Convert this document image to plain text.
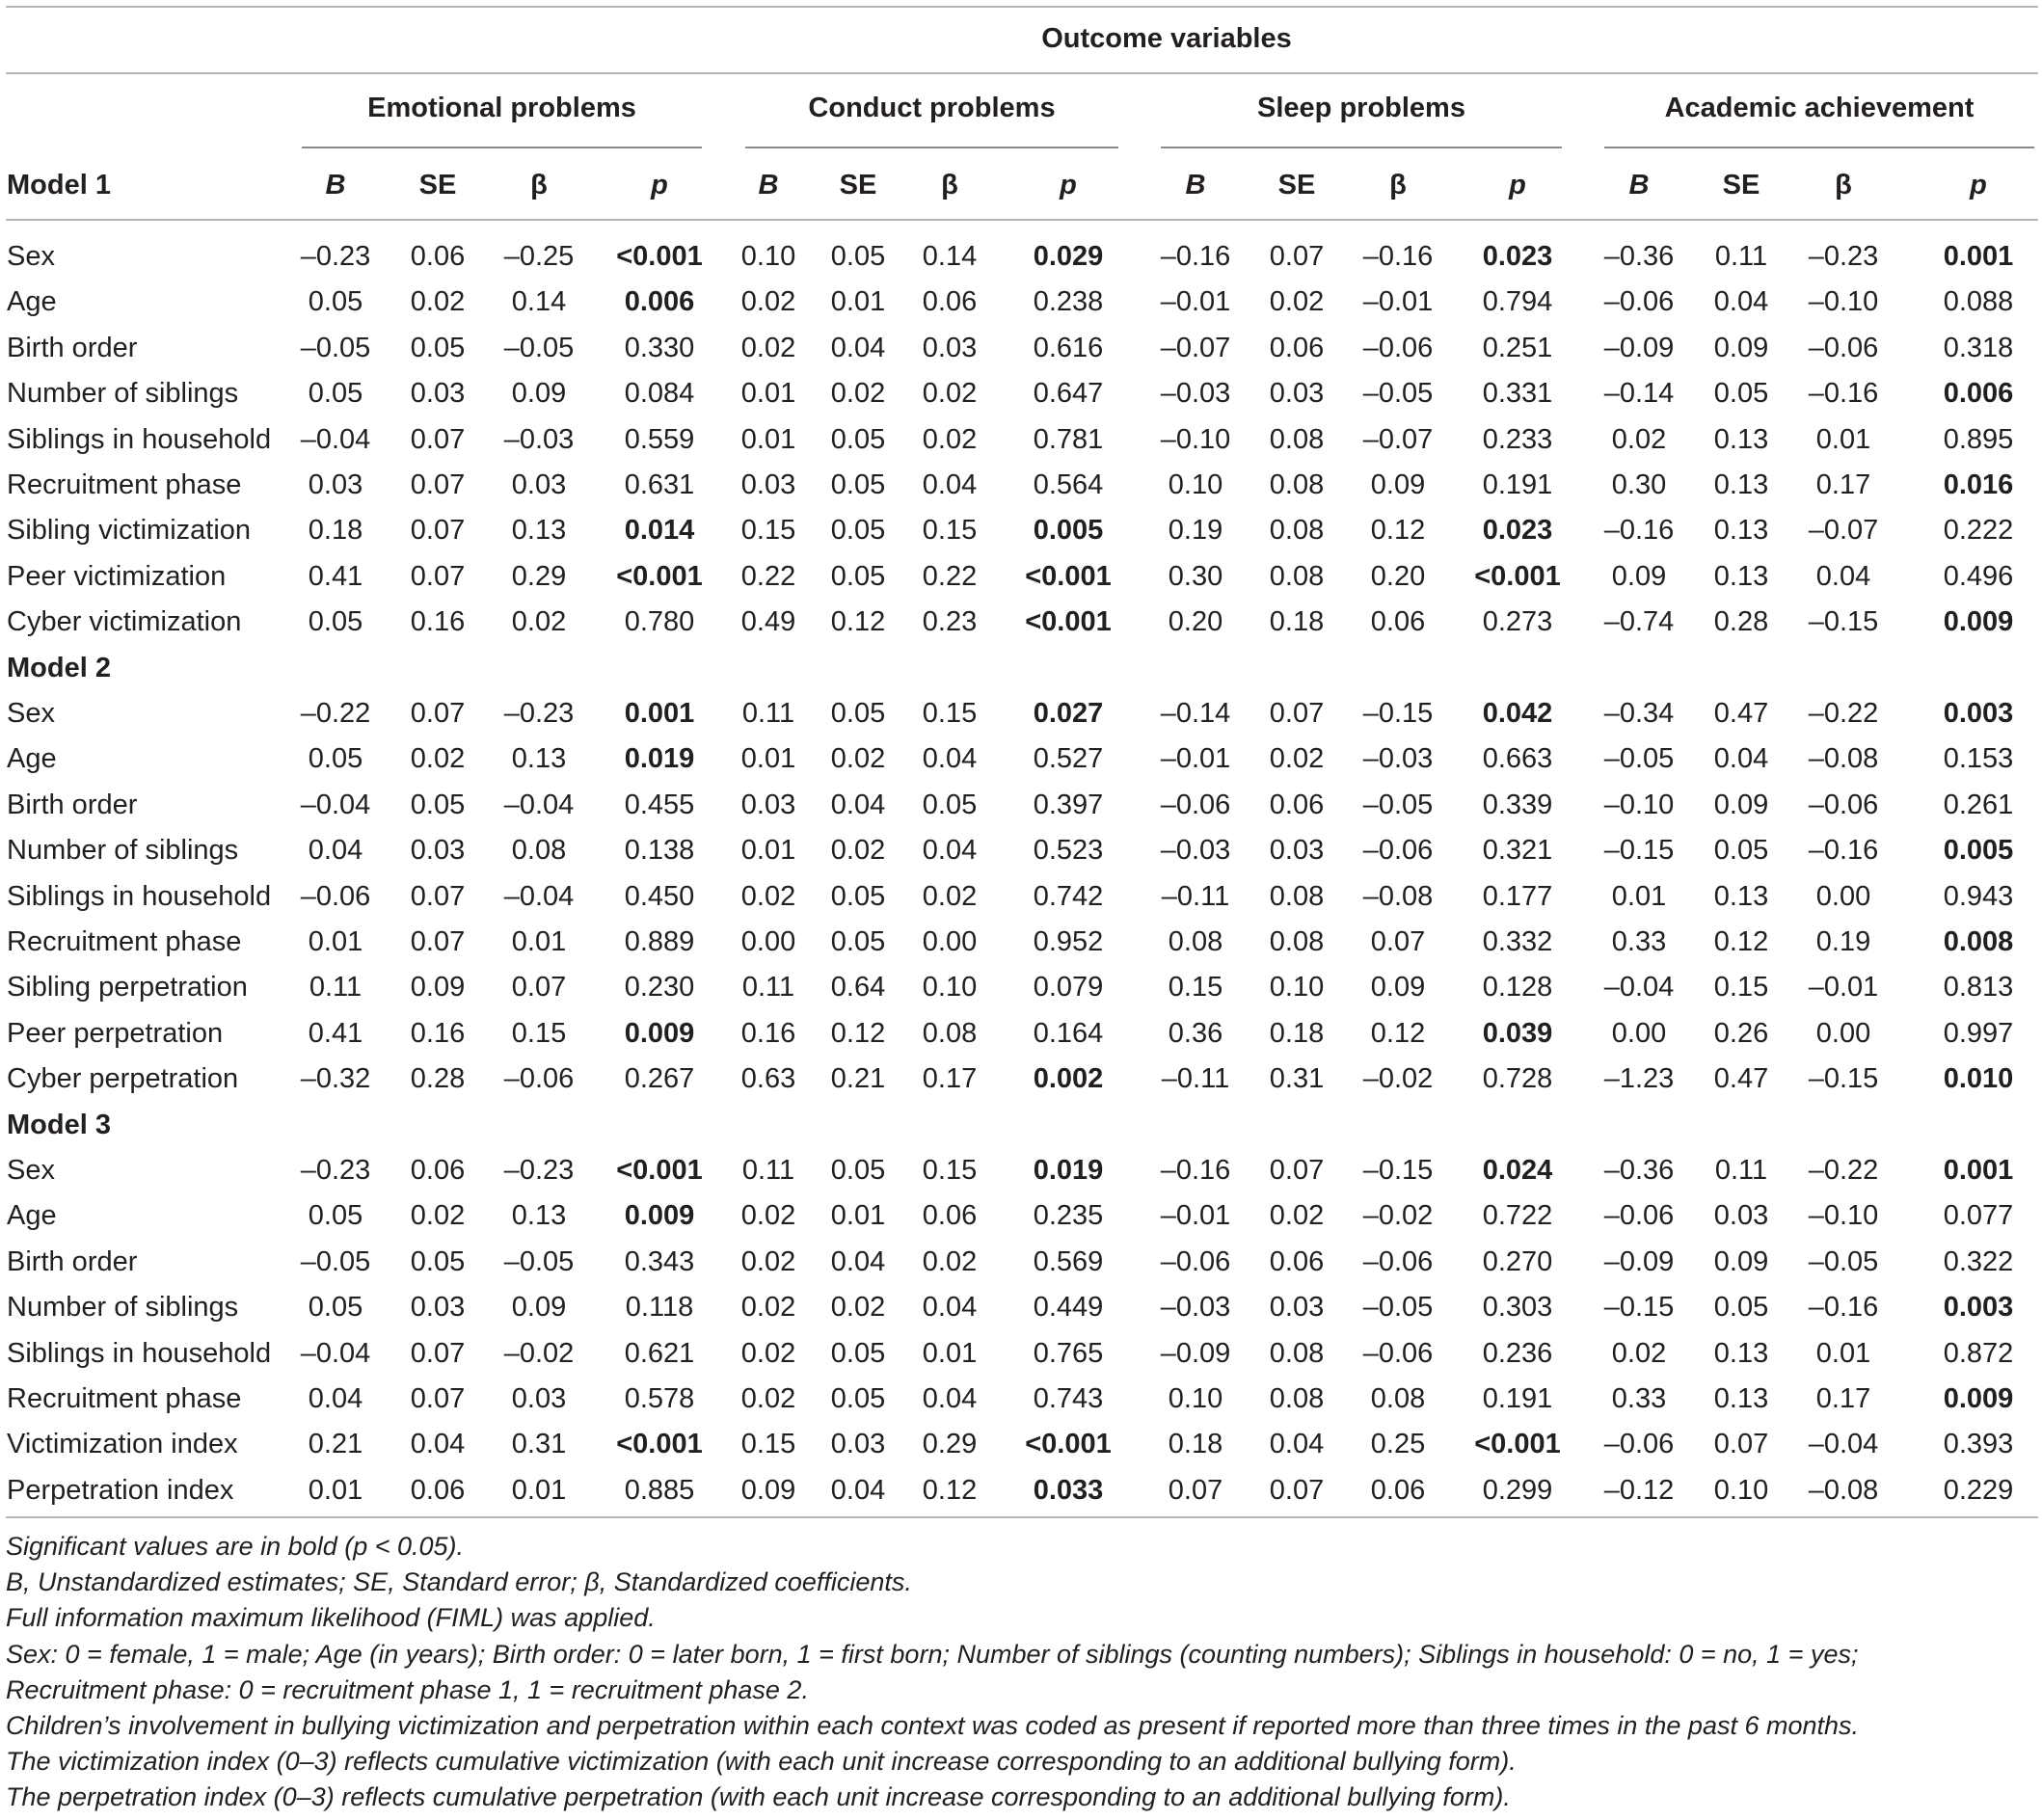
Outcome variables
Emotional problems	Conduct problems	Sleep problems	Academic achievement
B	SE	β	p	B	SE	β	p	B	SE	β	p	B	SE	β	p
Model 1
Sex	–0.23	0.06	–0.25	<0.001	0.10	0.05	0.14	0.029	–0.16	0.07	–0.16	0.023	–0.36	0.11	–0.23	0.001
Age	0.05	0.02	0.14	0.006	0.02	0.01	0.06	0.238	–0.01	0.02	–0.01	0.794	–0.06	0.04	–0.10	0.088
Birth order	–0.05	0.05	–0.05	0.330	0.02	0.04	0.03	0.616	–0.07	0.06	–0.06	0.251	–0.09	0.09	–0.06	0.318
Number of siblings	0.05	0.03	0.09	0.084	0.01	0.02	0.02	0.647	–0.03	0.03	–0.05	0.331	–0.14	0.05	–0.16	0.006
Siblings in household	–0.04	0.07	–0.03	0.559	0.01	0.05	0.02	0.781	–0.10	0.08	–0.07	0.233	0.02	0.13	0.01	0.895
Recruitment phase	0.03	0.07	0.03	0.631	0.03	0.05	0.04	0.564	0.10	0.08	0.09	0.191	0.30	0.13	0.17	0.016
Sibling victimization	0.18	0.07	0.13	0.014	0.15	0.05	0.15	0.005	0.19	0.08	0.12	0.023	–0.16	0.13	–0.07	0.222
Peer victimization	0.41	0.07	0.29	<0.001	0.22	0.05	0.22	<0.001	0.30	0.08	0.20	<0.001	0.09	0.13	0.04	0.496
Cyber victimization	0.05	0.16	0.02	0.780	0.49	0.12	0.23	<0.001	0.20	0.18	0.06	0.273	–0.74	0.28	–0.15	0.009
Model 2
Sex	–0.22	0.07	–0.23	0.001	0.11	0.05	0.15	0.027	–0.14	0.07	–0.15	0.042	–0.34	0.47	–0.22	0.003
Age	0.05	0.02	0.13	0.019	0.01	0.02	0.04	0.527	–0.01	0.02	–0.03	0.663	–0.05	0.04	–0.08	0.153
Birth order	–0.04	0.05	–0.04	0.455	0.03	0.04	0.05	0.397	–0.06	0.06	–0.05	0.339	–0.10	0.09	–0.06	0.261
Number of siblings	0.04	0.03	0.08	0.138	0.01	0.02	0.04	0.523	–0.03	0.03	–0.06	0.321	–0.15	0.05	–0.16	0.005
Siblings in household	–0.06	0.07	–0.04	0.450	0.02	0.05	0.02	0.742	–0.11	0.08	–0.08	0.177	0.01	0.13	0.00	0.943
Recruitment phase	0.01	0.07	0.01	0.889	0.00	0.05	0.00	0.952	0.08	0.08	0.07	0.332	0.33	0.12	0.19	0.008
Sibling perpetration	0.11	0.09	0.07	0.230	0.11	0.64	0.10	0.079	0.15	0.10	0.09	0.128	–0.04	0.15	–0.01	0.813
Peer perpetration	0.41	0.16	0.15	0.009	0.16	0.12	0.08	0.164	0.36	0.18	0.12	0.039	0.00	0.26	0.00	0.997
Cyber perpetration	–0.32	0.28	–0.06	0.267	0.63	0.21	0.17	0.002	–0.11	0.31	–0.02	0.728	–1.23	0.47	–0.15	0.010
Model 3
Sex	–0.23	0.06	–0.23	<0.001	0.11	0.05	0.15	0.019	–0.16	0.07	–0.15	0.024	–0.36	0.11	–0.22	0.001
Age	0.05	0.02	0.13	0.009	0.02	0.01	0.06	0.235	–0.01	0.02	–0.02	0.722	–0.06	0.03	–0.10	0.077
Birth order	–0.05	0.05	–0.05	0.343	0.02	0.04	0.02	0.569	–0.06	0.06	–0.06	0.270	–0.09	0.09	–0.05	0.322
Number of siblings	0.05	0.03	0.09	0.118	0.02	0.02	0.04	0.449	–0.03	0.03	–0.05	0.303	–0.15	0.05	–0.16	0.003
Siblings in household	–0.04	0.07	–0.02	0.621	0.02	0.05	0.01	0.765	–0.09	0.08	–0.06	0.236	0.02	0.13	0.01	0.872
Recruitment phase	0.04	0.07	0.03	0.578	0.02	0.05	0.04	0.743	0.10	0.08	0.08	0.191	0.33	0.13	0.17	0.009
Victimization index	0.21	0.04	0.31	<0.001	0.15	0.03	0.29	<0.001	0.18	0.04	0.25	<0.001	–0.06	0.07	–0.04	0.393
Perpetration index	0.01	0.06	0.01	0.885	0.09	0.04	0.12	0.033	0.07	0.07	0.06	0.299	–0.12	0.10	–0.08	0.229
Significant values are in bold (p < 0.05).
B, Unstandardized estimates; SE, Standard error; β, Standardized coefficients.
Full information maximum likelihood (FIML) was applied.
Sex: 0 = female, 1 = male; Age (in years); Birth order: 0 = later born, 1 = first born; Number of siblings (counting numbers); Siblings in household: 0 = no, 1 = yes;
Recruitment phase: 0 = recruitment phase 1, 1 = recruitment phase 2.
Children’s involvement in bullying victimization and perpetration within each context was coded as present if reported more than three times in the past 6 months.
The victimization index (0–3) reflects cumulative victimization (with each unit increase corresponding to an additional bullying form).
The perpetration index (0–3) reflects cumulative perpetration (with each unit increase corresponding to an additional bullying form).
